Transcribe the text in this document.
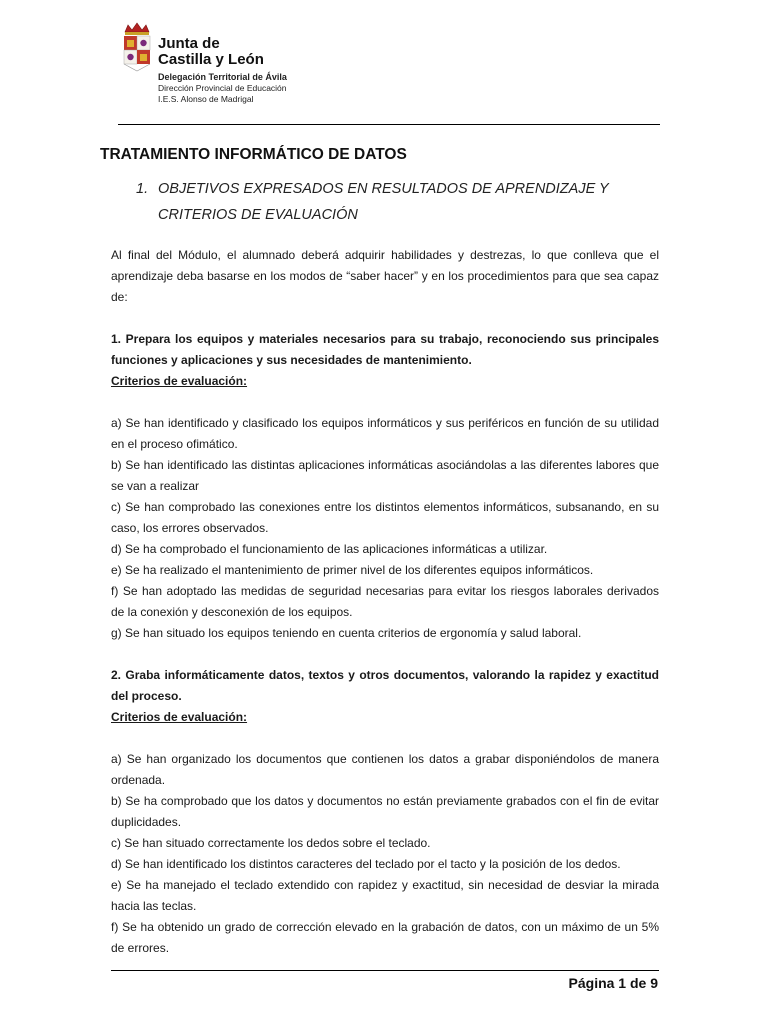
Junta de
Castilla y León
Delegación Territorial de Ávila
Dirección Provincial de Educación
I.E.S. Alonso de Madrigal
TRATAMIENTO INFORMÁTICO DE DATOS
1. OBJETIVOS EXPRESADOS EN RESULTADOS DE APRENDIZAJE Y
CRITERIOS DE EVALUACIÓN

Al final del Módulo, el alumnado deberá adquirir habilidades y destrezas, lo que conlleva que el aprendizaje deba basarse en los modos de “saber hacer” y en los procedimientos para que sea capaz de:

1. Prepara los equipos y materiales necesarios para su trabajo, reconociendo sus principales funciones y aplicaciones y sus necesidades de mantenimiento.

Criterios de evaluación:

a) Se han identificado y clasificado los equipos informáticos y sus periféricos en función de su utilidad en el proceso ofimático.

b) Se han identificado las distintas aplicaciones informáticas asociándolas a las diferentes labores que se van a realizar

c) Se han comprobado las conexiones entre los distintos elementos informáticos, subsanando, en su caso, los errores observados.

d) Se ha comprobado el funcionamiento de las aplicaciones informáticas a utilizar.

e) Se ha realizado el mantenimiento de primer nivel de los diferentes equipos informáticos.

f) Se han adoptado las medidas de seguridad necesarias para evitar los riesgos laborales derivados de la conexión y desconexión de los equipos.

g) Se han situado los equipos teniendo en cuenta criterios de ergonomía y salud laboral.

2. Graba informáticamente datos, textos y otros documentos, valorando la rapidez y exactitud del proceso.

Criterios de evaluación:

a) Se han organizado los documentos que contienen los datos a grabar disponiéndolos de manera ordenada.

b) Se ha comprobado que los datos y documentos no están previamente grabados con el fin de evitar duplicidades.

c) Se han situado correctamente los dedos sobre el teclado.

d) Se han identificado los distintos caracteres del teclado por el tacto y la posición de los dedos.

e) Se ha manejado el teclado extendido con rapidez y exactitud, sin necesidad de desviar la mirada hacia las teclas.

f) Se ha obtenido un grado de corrección elevado en la grabación de datos, con un máximo de un 5% de errores.

Página 1 de 9
